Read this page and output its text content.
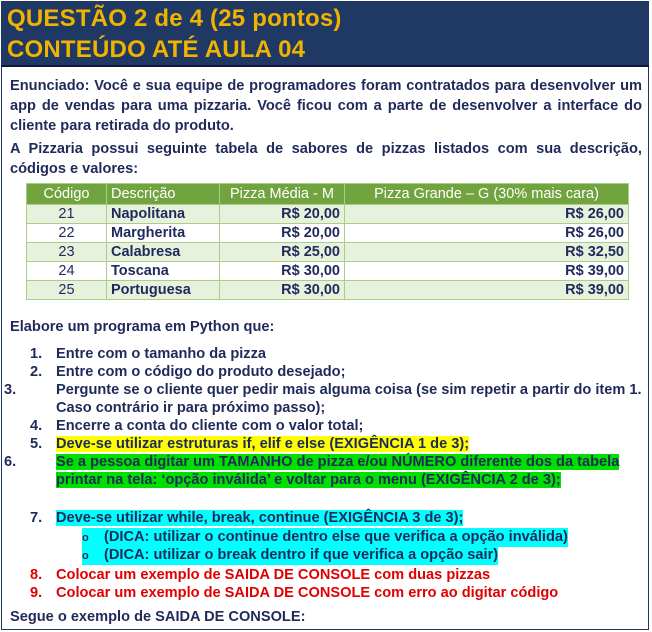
QUESTÃO 2 de 4 (25 pontos)
CONTEÚDO ATÉ AULA 04
Enunciado: Você e sua equipe de programadores foram contratados para desenvolver um app de vendas para uma pizzaria. Você ficou com a parte de desenvolver a interface do cliente para retirada do produto.
A Pizzaria possui seguinte tabela de sabores de pizzas listados com sua descrição, códigos e valores:
Código	Descrição	Pizza Média - M	Pizza Grande – G (30% mais cara)
21	Napolitana	R$ 20,00	R$ 26,00
22	Margherita	R$ 20,00	R$ 26,00
23	Calabresa	R$ 25,00	R$ 32,50
24	Toscana	R$ 30,00	R$ 39,00
25	Portuguesa	R$ 30,00	R$ 39,00
Elabore um programa em Python que:
1. Entre com o tamanho da pizza
2. Entre com o código do produto desejado;
3.	Pergunte se o cliente quer pedir mais alguma coisa (se sim repetir a partir do item 1. Caso contrário ir para próximo passo);
4. Encerre a conta do cliente com o valor total;
5. Deve-se utilizar estruturas if, elif e else (EXIGÊNCIA 1 de 3);
6.	Se a pessoa digitar um TAMANHO de pizza e/ou NÚMERO diferente dos da tabela printar na tela: ‘opção inválida’ e voltar para o menu (EXIGÊNCIA 2 de 3);
7. Deve-se utilizar while, break, continue (EXIGÊNCIA 3 de 3);
o (DICA: utilizar o continue dentro else que verifica a opção inválida)
o (DICA: utilizar o break dentro if que verifica a opção sair)
8. Colocar um exemplo de SAIDA DE CONSOLE com duas pizzas
9. Colocar um exemplo de SAIDA DE CONSOLE com erro ao digitar código
Segue o exemplo de SAIDA DE CONSOLE:
